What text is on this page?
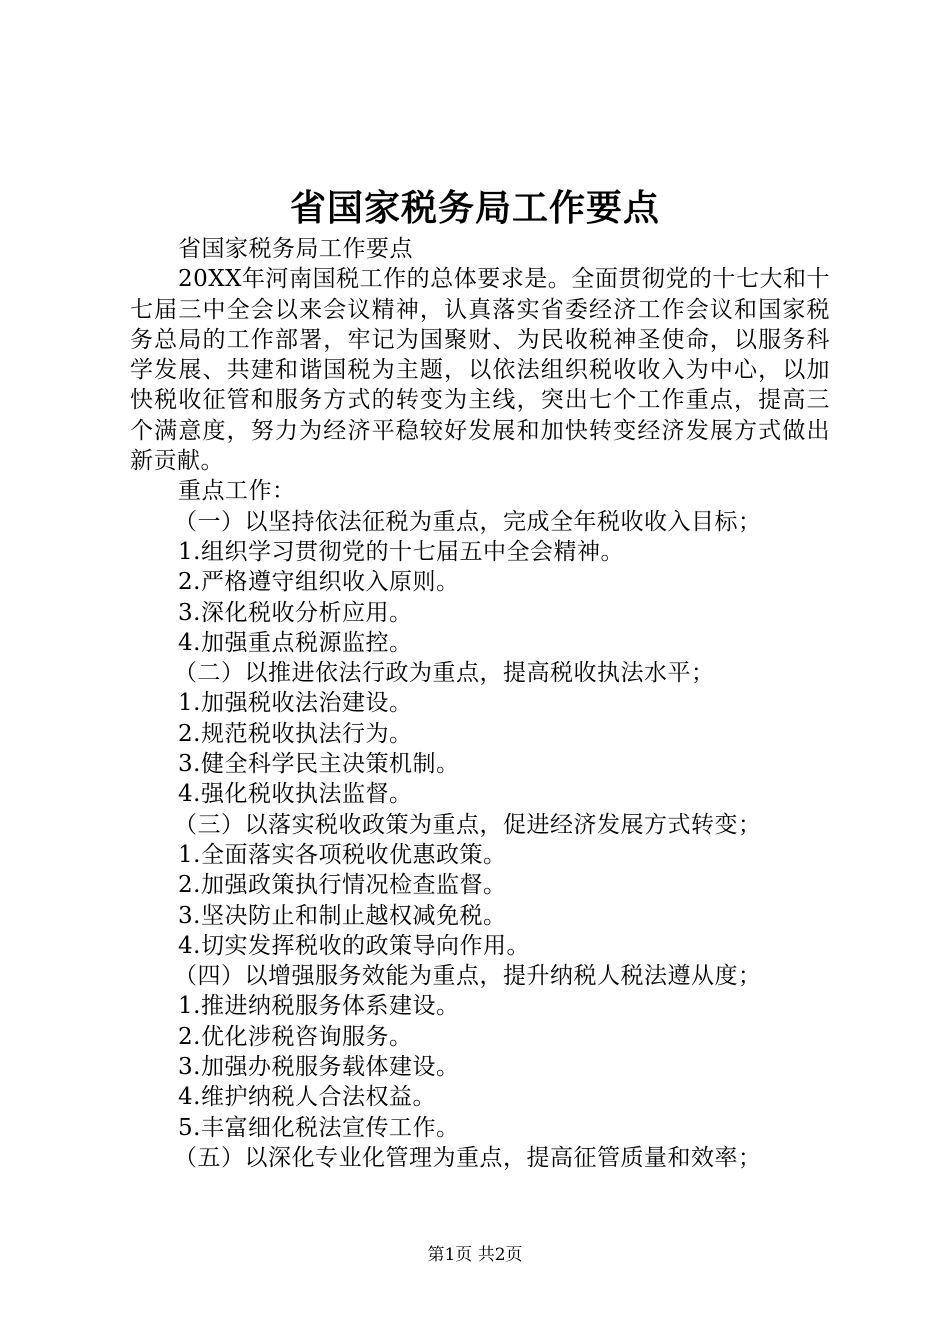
省国家税务局工作要点

省国家税务局工作要点

20XX年河南国税工作的总体要求是。全面贯彻党的十七大和十七届三中全会以来会议精神，认真落实省委经济工作会议和国家税务总局的工作部署，牢记为国聚财、为民收税神圣使命，以服务科学发展、共建和谐国税为主题，以依法组织税收收入为中心，以加快税收征管和服务方式的转变为主线，突出七个工作重点，提高三个满意度，努力为经济平稳较好发展和加快转变经济发展方式做出新贡献。

重点工作：

（一）以坚持依法征税为重点，完成全年税收收入目标；

1.组织学习贯彻党的十七届五中全会精神。

2.严格遵守组织收入原则。

3.深化税收分析应用。

4.加强重点税源监控。

（二）以推进依法行政为重点，提高税收执法水平；

1.加强税收法治建设。

2.规范税收执法行为。

3.健全科学民主决策机制。

4.强化税收执法监督。

（三）以落实税收政策为重点，促进经济发展方式转变；

1.全面落实各项税收优惠政策。

2.加强政策执行情况检查监督。

3.坚决防止和制止越权减免税。

4.切实发挥税收的政策导向作用。

（四）以增强服务效能为重点，提升纳税人税法遵从度；

1.推进纳税服务体系建设。

2.优化涉税咨询服务。

3.加强办税服务载体建设。

4.维护纳税人合法权益。

5.丰富细化税法宣传工作。

（五）以深化专业化管理为重点，提高征管质量和效率；

第1页 共2页
